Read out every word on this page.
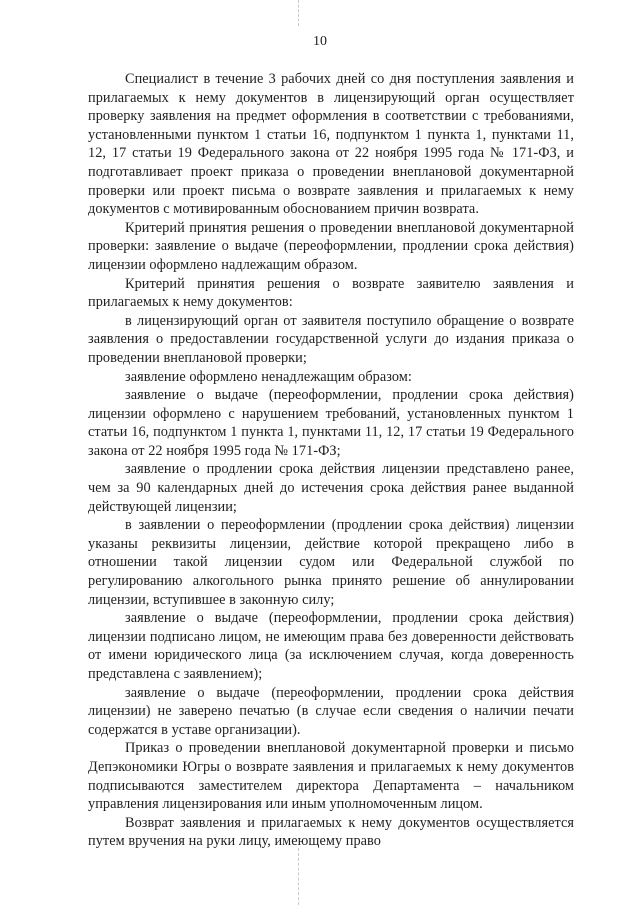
10

Специалист в течение 3 рабочих дней со дня поступления заявления и прилагаемых к нему документов в лицензирующий орган осуществляет проверку заявления на предмет оформления в соответствии с требованиями, установленными пунктом 1 статьи 16, подпунктом 1 пункта 1, пунктами 11, 12, 17 статьи 19 Федерального закона от 22 ноября 1995 года № 171-ФЗ, и подготавливает проект приказа о проведении внеплановой документарной проверки или проект письма о возврате заявления и прилагаемых к нему документов с мотивированным обоснованием причин возврата.

Критерий принятия решения о проведении внеплановой документарной проверки: заявление о выдаче (переоформлении, продлении срока действия) лицензии оформлено надлежащим образом.

Критерий принятия решения о возврате заявителю заявления и прилагаемых к нему документов:

в лицензирующий орган от заявителя поступило обращение о возврате заявления о предоставлении государственной услуги до издания приказа о проведении внеплановой проверки;

заявление оформлено ненадлежащим образом:

заявление о выдаче (переоформлении, продлении срока действия) лицензии оформлено с нарушением требований, установленных пунктом 1 статьи 16, подпунктом 1 пункта 1, пунктами 11, 12, 17 статьи 19 Федерального закона от 22 ноября 1995 года № 171-ФЗ;

заявление о продлении срока действия лицензии представлено ранее, чем за 90 календарных дней до истечения срока действия ранее выданной действующей лицензии;

в заявлении о переоформлении (продлении срока действия) лицензии указаны реквизиты лицензии, действие которой прекращено либо в отношении такой лицензии судом или Федеральной службой по регулированию алкогольного рынка принято решение об аннулировании лицензии, вступившее в законную силу;

заявление о выдаче (переоформлении, продлении срока действия) лицензии подписано лицом, не имеющим права без доверенности действовать от имени юридического лица (за исключением случая, когда доверенность представлена с заявлением);

заявление о выдаче (переоформлении, продлении срока действия лицензии) не заверено печатью (в случае если сведения о наличии печати содержатся в уставе организации).

Приказ о проведении внеплановой документарной проверки и письмо Депэкономики Югры о возврате заявления и прилагаемых к нему документов подписываются заместителем директора Департамента – начальником управления лицензирования или иным уполномоченным лицом.

Возврат заявления и прилагаемых к нему документов осуществляется путем вручения на руки лицу, имеющему право
